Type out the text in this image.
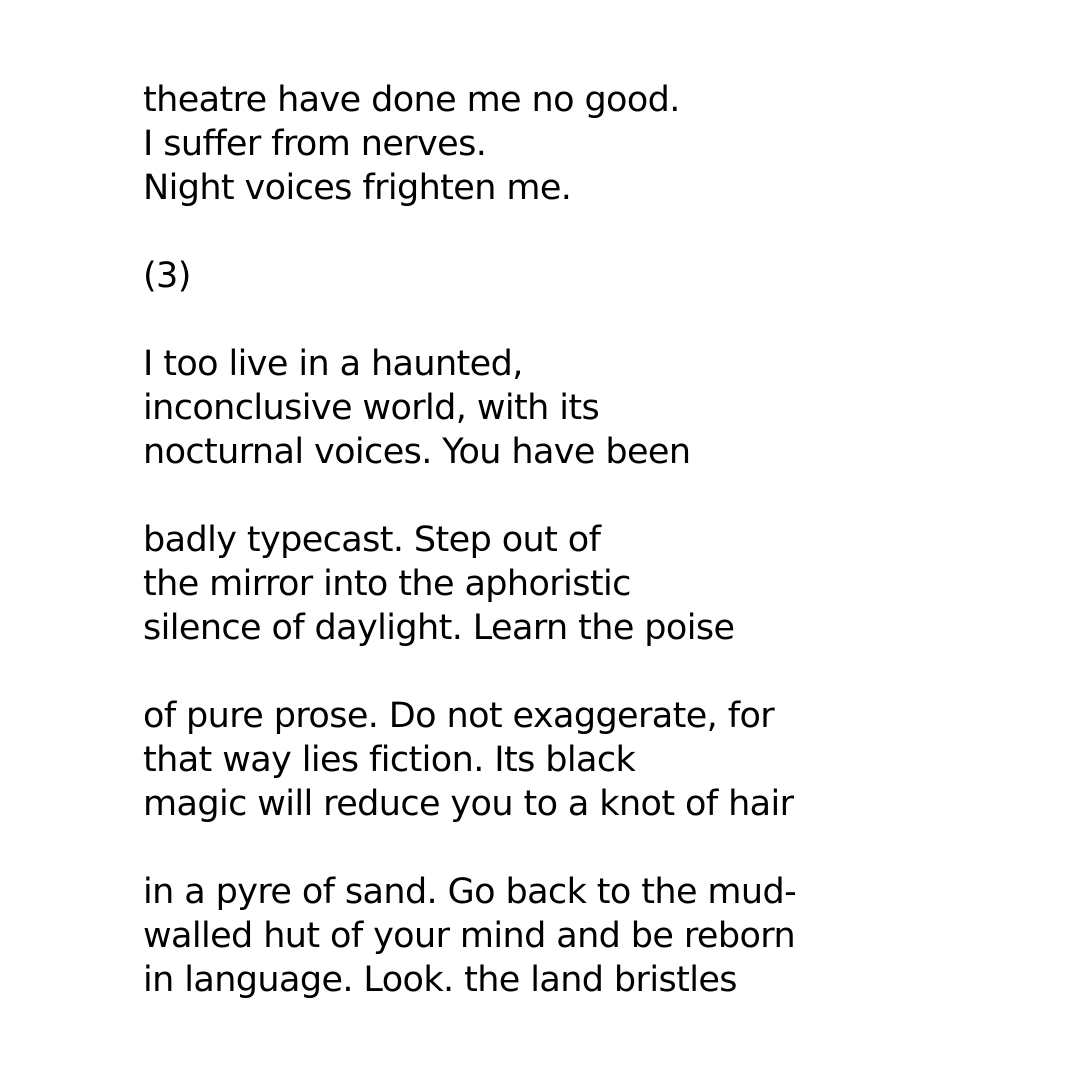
theatre have done me no good.
I suffer from nerves.
Night voices frighten me.
(3)
I too live in a haunted,
inconclusive world, with its
nocturnal voices. You have been
badly typecast. Step out of
the mirror into the aphoristic
silence of daylight. Learn the poise
of pure prose. Do not exaggerate, for
that way lies fiction. Its black
magic will reduce you to a knot of hair
in a pyre of sand. Go back to the mud-
walled hut of your mind and be reborn
in language. Look. the land bristles
